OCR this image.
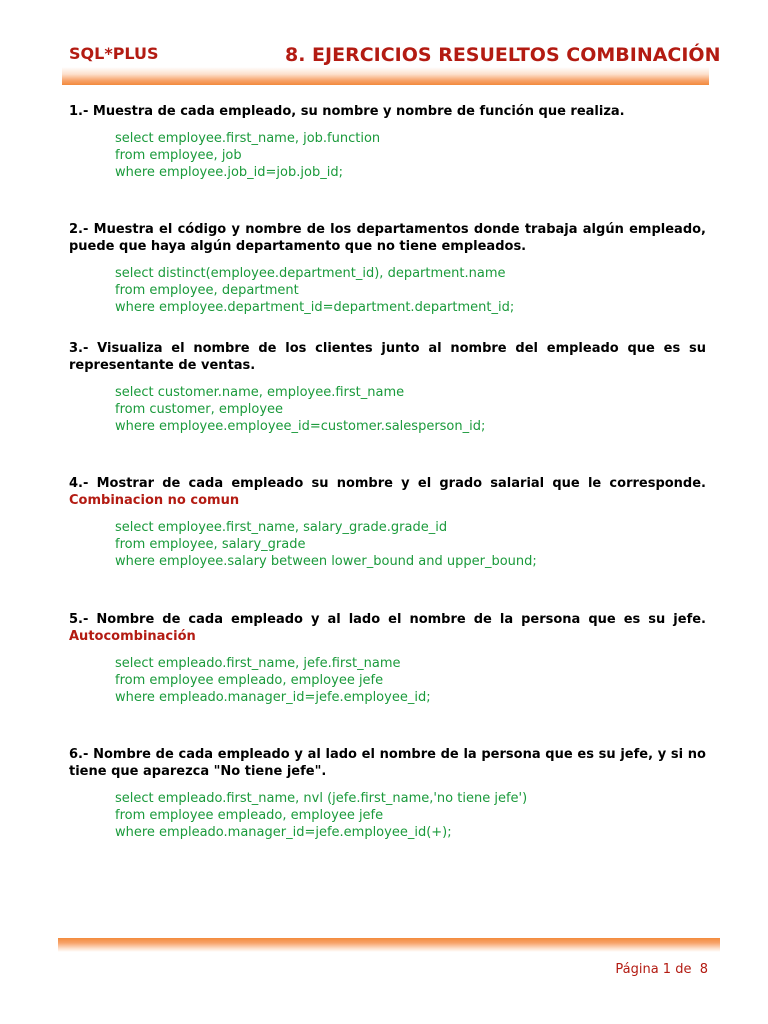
SQL*PLUS	8. EJERCICIOS RESUELTOS COMBINACIÓN

1.- Muestra de cada empleado, su nombre y nombre de función que realiza.

select employee.first_name, job.function
from employee, job
where employee.job_id=job.job_id;

2.- Muestra el código y nombre de los departamentos donde trabaja algún empleado, puede que haya algún departamento que no tiene empleados.

select distinct(employee.department_id), department.name
from employee, department
where employee.department_id=department.department_id;

3.- Visualiza el nombre de los clientes junto al nombre del empleado que es su representante de ventas.

select customer.name, employee.first_name
from customer, employee
where employee.employee_id=customer.salesperson_id;

4.- Mostrar de cada empleado su nombre y el grado salarial que le corresponde. Combinacion no comun

select employee.first_name, salary_grade.grade_id
from employee, salary_grade
where employee.salary between lower_bound and upper_bound;

5.- Nombre de cada empleado y al lado el nombre de la persona que es su jefe. Autocombinación

select empleado.first_name, jefe.first_name
from employee empleado, employee jefe
where empleado.manager_id=jefe.employee_id;

6.- Nombre de cada empleado y al lado el nombre de la persona que es su jefe, y si no tiene que aparezca "No tiene jefe".

select empleado.first_name, nvl (jefe.first_name,'no tiene jefe')
from employee empleado, employee jefe
where empleado.manager_id=jefe.employee_id(+);
Página 1 de  8
